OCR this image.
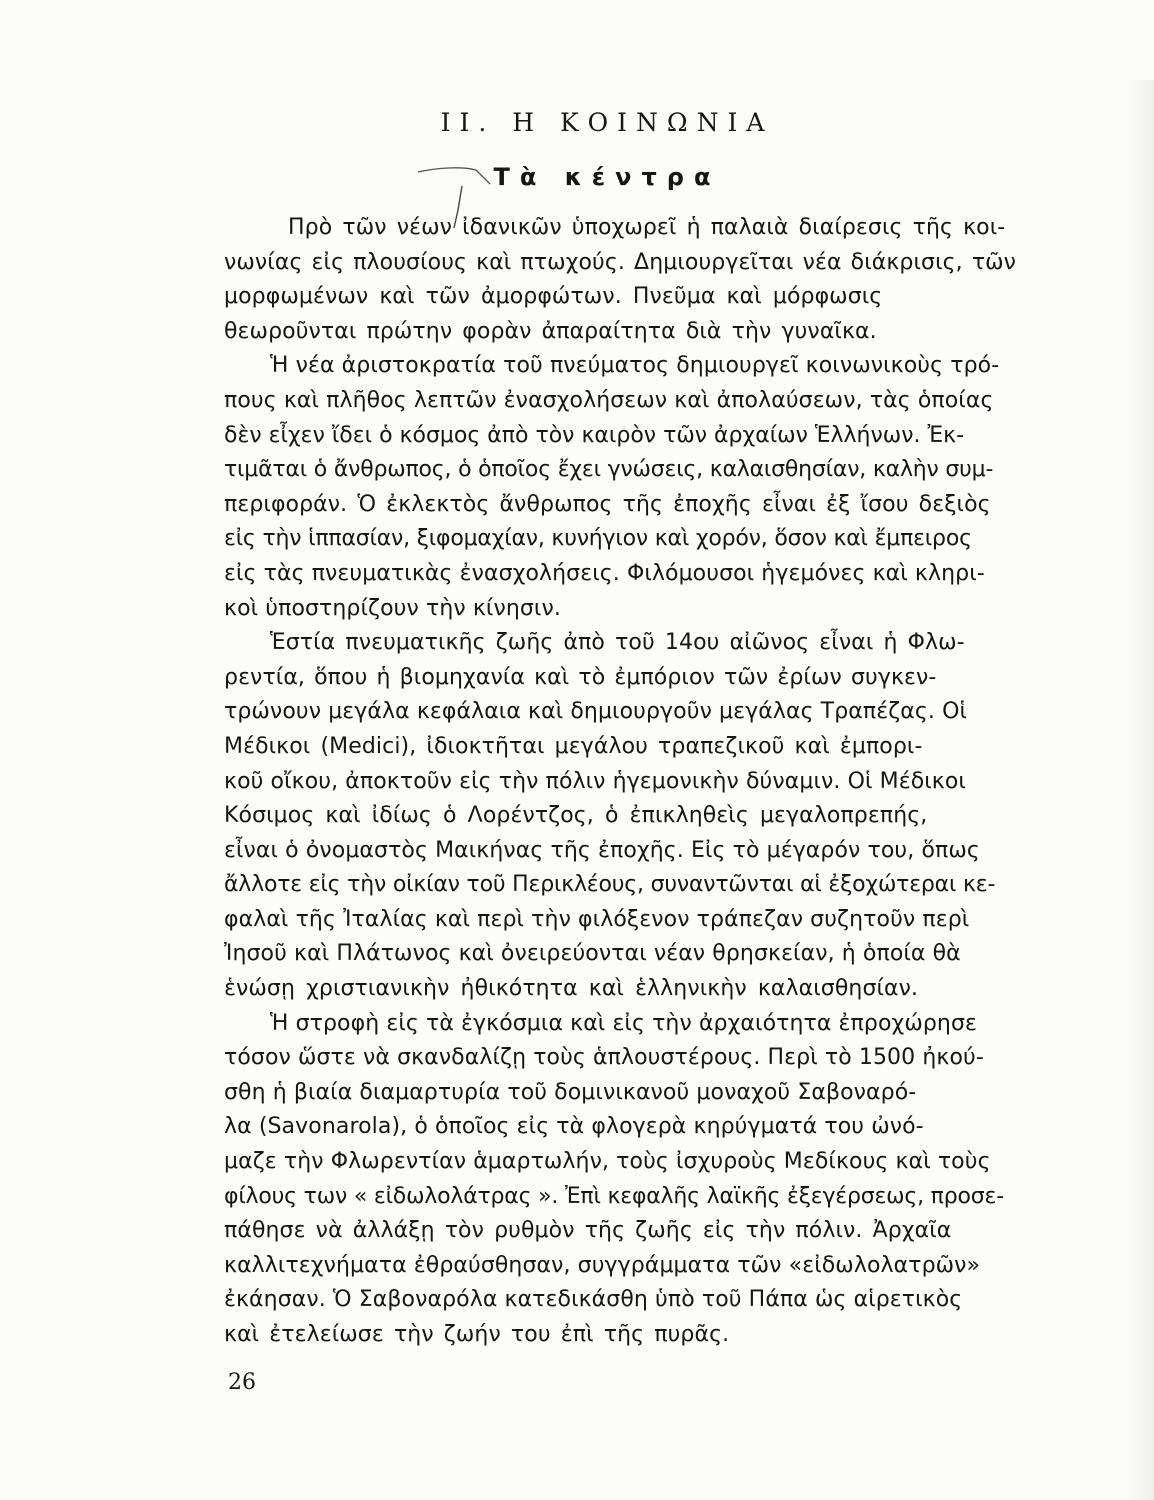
II. Η ΚΟΙΝΩΝΙΑ
Τὰ κέντρα
Πρὸ τῶν νέων ἰδανικῶν ὑποχωρεῖ ἡ παλαιὰ διαίρεσις τῆς κοι-
νωνίας εἰς πλουσίους καὶ πτωχούς. Δημιουργεῖται νέα διάκρισις, τῶν
μορφωμένων καὶ τῶν ἀμορφώτων. Πνεῦμα καὶ μόρφωσις
θεωροῦνται πρώτην φορὰν ἀπαραίτητα διὰ τὴν γυναῖκα.
Ἡ νέα ἀριστοκρατία τοῦ πνεύματος δημιουργεῖ κοινωνικοὺς τρό-
πους καὶ πλῆθος λεπτῶν ἐνασχολήσεων καὶ ἀπολαύσεων, τὰς ὁποίας
δὲν εἶχεν ἴδει ὁ κόσμος ἀπὸ τὸν καιρὸν τῶν ἀρχαίων Ἑλλήνων. Ἐκ-
τιμᾶται ὁ ἄνθρωπος, ὁ ὁποῖος ἔχει γνώσεις, καλαισθησίαν, καλὴν συμ-
περιφοράν. Ὁ ἐκλεκτὸς ἄνθρωπος τῆς ἐποχῆς εἶναι ἐξ ἴσου δεξιὸς
εἰς τὴν ἱππασίαν, ξιφομαχίαν, κυνήγιον καὶ χορόν, ὅσον καὶ ἔμπειρος
εἰς τὰς πνευματικὰς ἐνασχολήσεις. Φιλόμουσοι ἡγεμόνες καὶ κληρι-
κοὶ ὑποστηρίζουν τὴν κίνησιν.
Ἑστία πνευματικῆς ζωῆς ἀπὸ τοῦ 14ου αἰῶνος εἶναι ἡ Φλω-
ρεντία, ὅπου ἡ βιομηχανία καὶ τὸ ἐμπόριον τῶν ἐρίων συγκεν-
τρώνουν μεγάλα κεφάλαια καὶ δημιουργοῦν μεγάλας Τραπέζας. Οἱ
Μέδικοι (Medici), ἰδιοκτῆται μεγάλου τραπεζικοῦ καὶ ἐμπορι-
κοῦ οἴκου, ἀποκτοῦν εἰς τὴν πόλιν ἡγεμονικὴν δύναμιν. Οἱ Μέδικοι
Κόσιμος καὶ ἰδίως ὁ Λορέντζος, ὁ ἐπικληθεὶς μεγαλοπρεπής,
εἶναι ὁ ὀνομαστὸς Μαικήνας τῆς ἐποχῆς. Εἰς τὸ μέγαρόν του, ὅπως
ἄλλοτε εἰς τὴν οἰκίαν τοῦ Περικλέους, συναντῶνται αἱ ἐξοχώτεραι κε-
φαλαὶ τῆς Ἰταλίας καὶ περὶ τὴν φιλόξενον τράπεζαν συζητοῦν περὶ
Ἰησοῦ καὶ Πλάτωνος καὶ ὀνειρεύονται νέαν θρησκείαν, ἡ ὁποία θὰ
ἑνώσῃ χριστιανικὴν ἠθικότητα καὶ ἑλληνικὴν καλαισθησίαν.
Ἡ στροφὴ εἰς τὰ ἐγκόσμια καὶ εἰς τὴν ἀρχαιότητα ἐπροχώρησε
τόσον ὥστε νὰ σκανδαλίζῃ τοὺς ἁπλουστέρους. Περὶ τὸ 1500 ἠκού-
σθη ἡ βιαία διαμαρτυρία τοῦ δομινικανοῦ μοναχοῦ Σαβοναρό-
λα (Savonarola), ὁ ὁποῖος εἰς τὰ φλογερὰ κηρύγματά του ὠνό-
μαζε τὴν Φλωρεντίαν ἁμαρτωλήν, τοὺς ἰσχυροὺς Μεδίκους καὶ τοὺς
φίλους των « εἰδωλολάτρας ». Ἐπὶ κεφαλῆς λαϊκῆς ἐξεγέρσεως, προσε-
πάθησε νὰ ἀλλάξῃ τὸν ρυθμὸν τῆς ζωῆς εἰς τὴν πόλιν. Ἀρχαῖα
καλλιτεχνήματα ἐθραύσθησαν, συγγράμματα τῶν «εἰδωλολατρῶν»
ἐκάησαν. Ὁ Σαβοναρόλα κατεδικάσθη ὑπὸ τοῦ Πάπα ὡς αἱρετικὸς
καὶ ἐτελείωσε τὴν ζωήν του ἐπὶ τῆς πυρᾶς.
26
